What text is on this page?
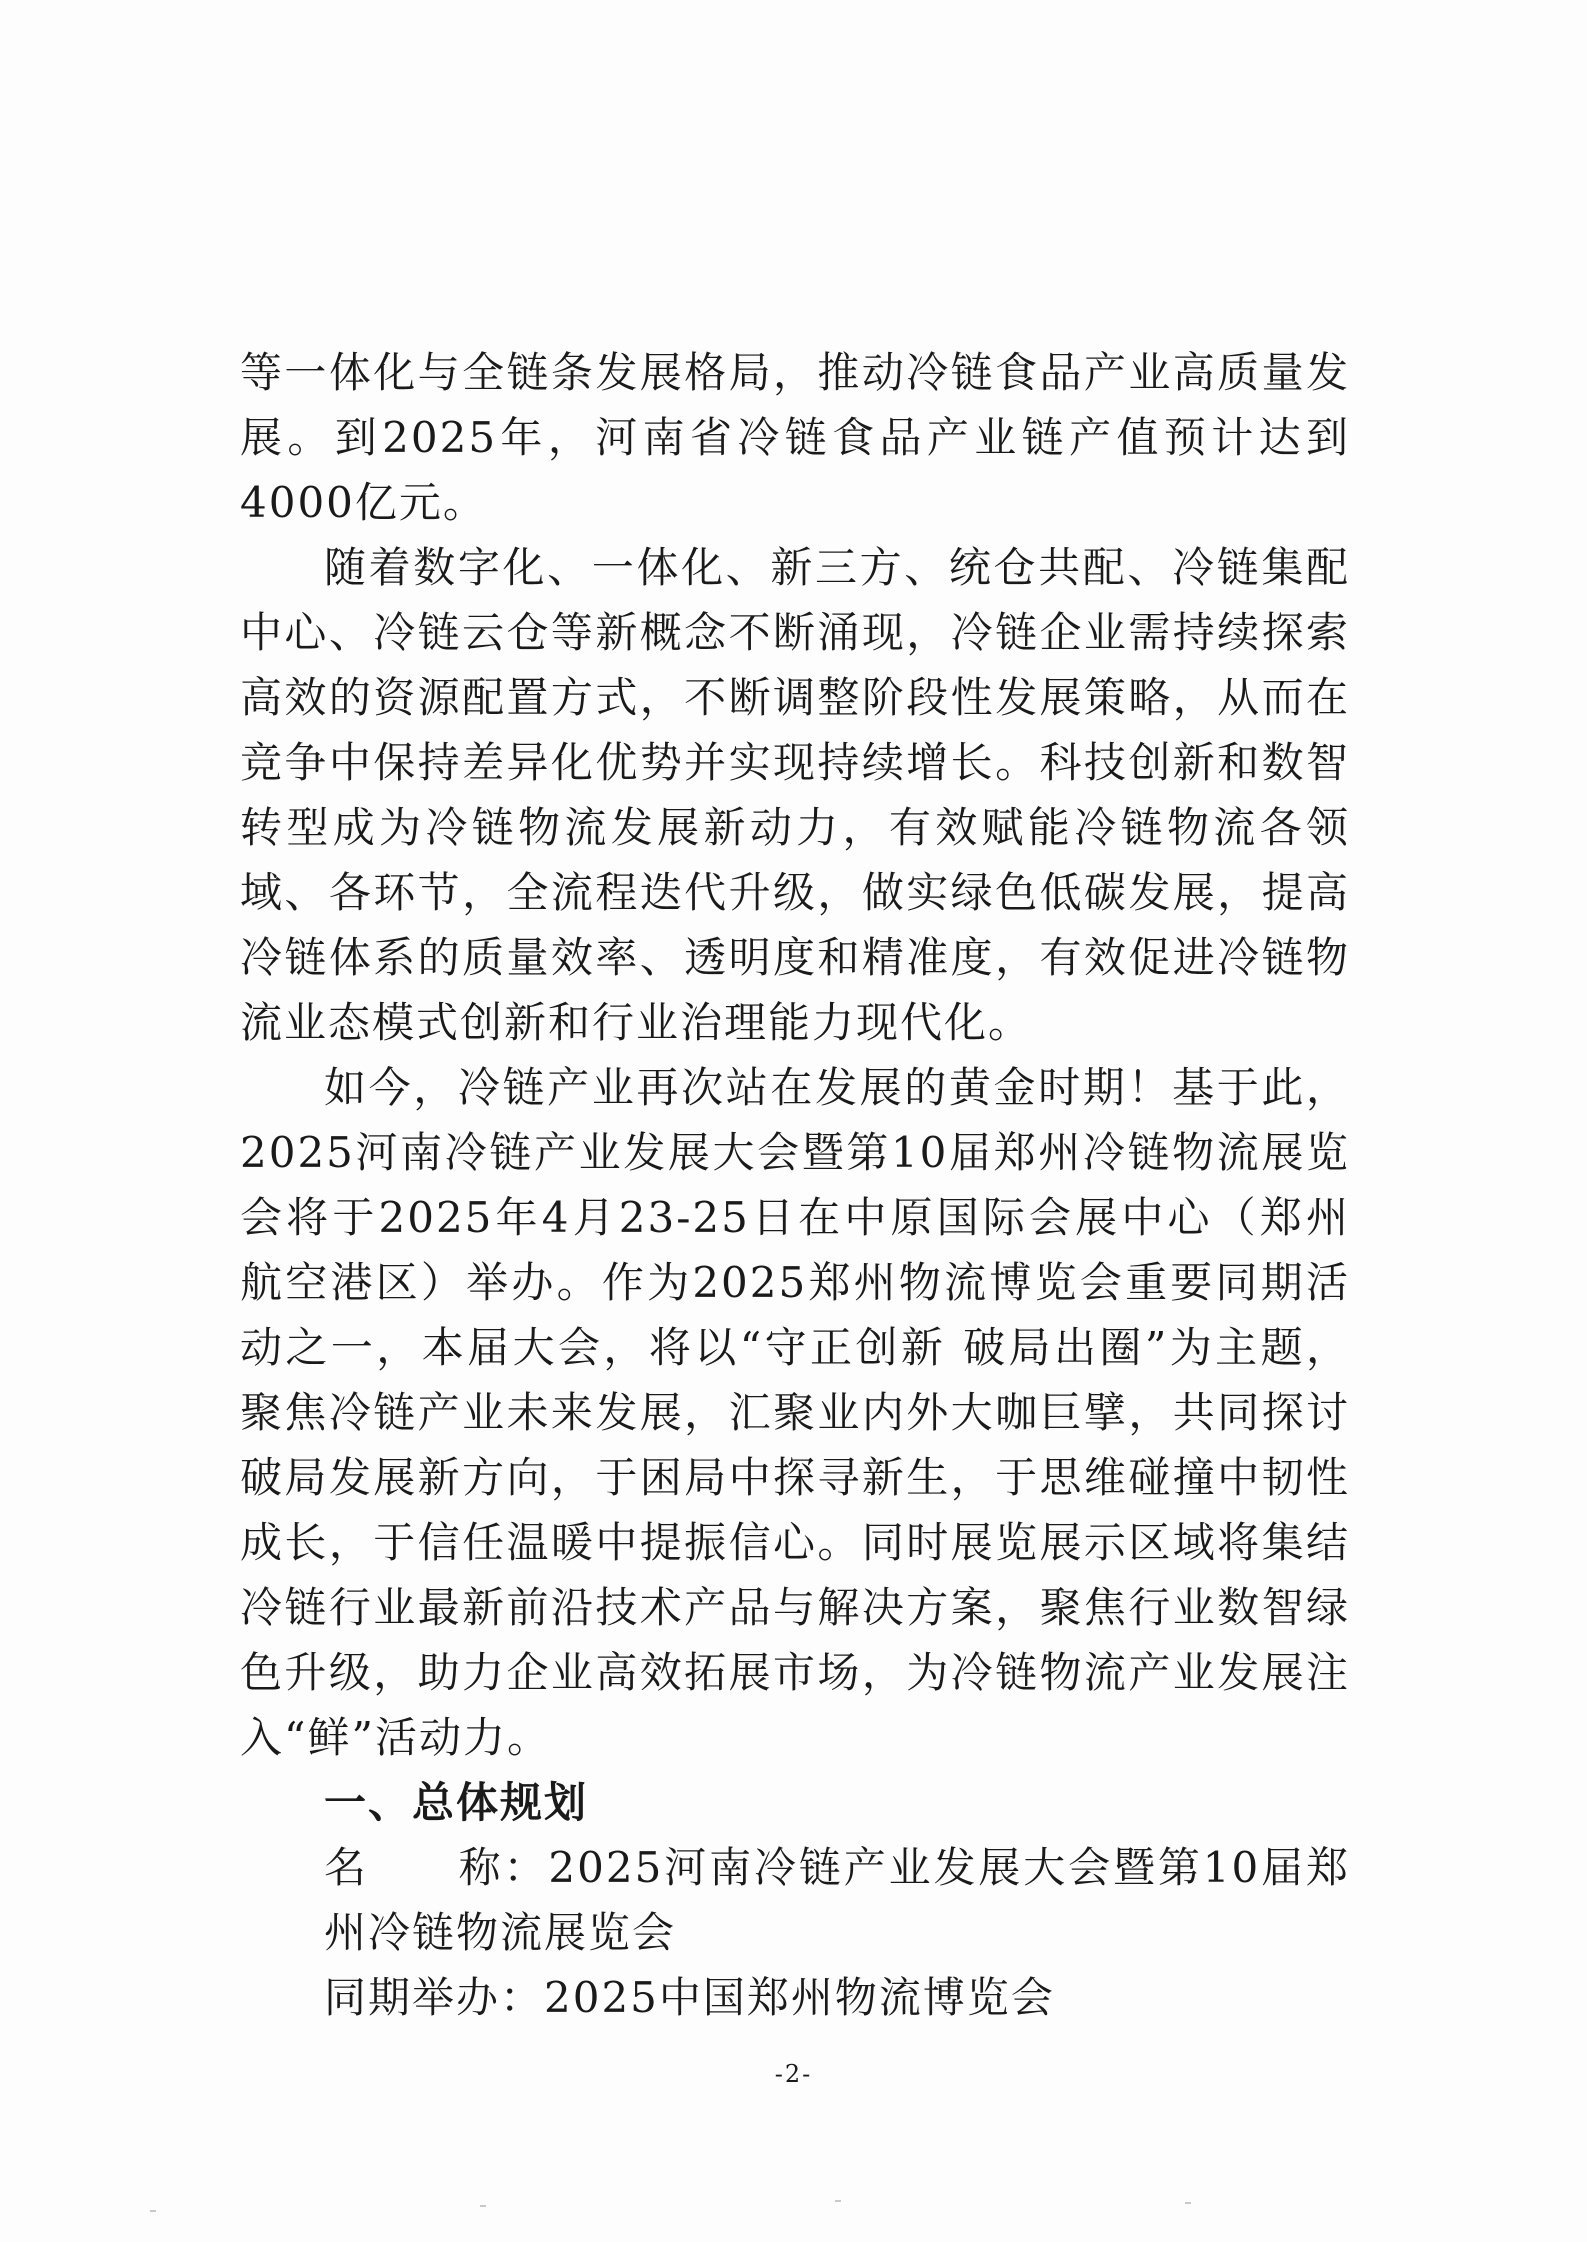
等一体化与全链条发展格局，推动冷链食品产业高质量发展。到2025年，河南省冷链食品产业链产值预计达到4000亿元。

随着数字化、一体化、新三方、统仓共配、冷链集配中心、冷链云仓等新概念不断涌现，冷链企业需持续探索高效的资源配置方式，不断调整阶段性发展策略，从而在竞争中保持差异化优势并实现持续增长。科技创新和数智转型成为冷链物流发展新动力，有效赋能冷链物流各领域、各环节，全流程迭代升级，做实绿色低碳发展，提高冷链体系的质量效率、透明度和精准度，有效促进冷链物流业态模式创新和行业治理能力现代化。

如今，冷链产业再次站在发展的黄金时期！基于此，2025河南冷链产业发展大会暨第10届郑州冷链物流展览会将于2025年4月23-25日在中原国际会展中心（郑州航空港区）举办。作为2025郑州物流博览会重要同期活动之一，本届大会，将以“守正创新 破局出圈”为主题，聚焦冷链产业未来发展，汇聚业内外大咖巨擘，共同探讨破局发展新方向，于困局中探寻新生，于思维碰撞中韧性成长，于信任温暖中提振信心。同时展览展示区域将集结冷链行业最新前沿技术产品与解决方案，聚焦行业数智绿色升级，助力企业高效拓展市场，为冷链物流产业发展注入“鲜”活动力。

一、总体规划

名　　称：2025河南冷链产业发展大会暨第10届郑州冷链物流展览会

同期举办：2025中国郑州物流博览会

-2-
